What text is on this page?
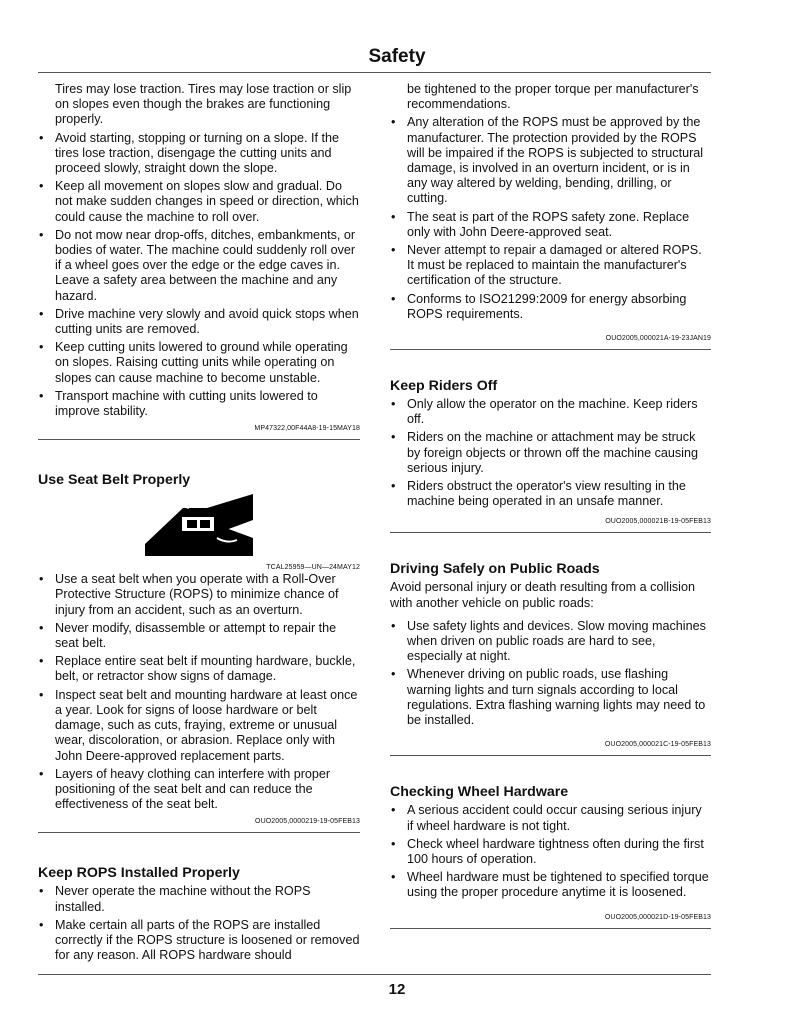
Safety

Tires may lose traction. Tires may lose traction or slip on slopes even though the brakes are functioning properly.

• Avoid starting, stopping or turning on a slope. If the tires lose traction, disengage the cutting units and proceed slowly, straight down the slope.
• Keep all movement on slopes slow and gradual. Do not make sudden changes in speed or direction, which could cause the machine to roll over.
• Do not mow near drop-offs, ditches, embankments, or bodies of water. The machine could suddenly roll over if a wheel goes over the edge or the edge caves in. Leave a safety area between the machine and any hazard.
• Drive machine very slowly and avoid quick stops when cutting units are removed.
• Keep cutting units lowered to ground while operating on slopes. Raising cutting units while operating on slopes can cause machine to become unstable.
• Transport machine with cutting units lowered to improve stability.
MP47322,00F44A8-19-15MAY18
Use Seat Belt Properly
TCAL25959—UN—24MAY12
• Use a seat belt when you operate with a Roll-Over Protective Structure (ROPS) to minimize chance of injury from an accident, such as an overturn.
• Never modify, disassemble or attempt to repair the seat belt.
• Replace entire seat belt if mounting hardware, buckle, belt, or retractor show signs of damage.
• Inspect seat belt and mounting hardware at least once a year. Look for signs of loose hardware or belt damage, such as cuts, fraying, extreme or unusual wear, discoloration, or abrasion. Replace only with John Deere-approved replacement parts.
• Layers of heavy clothing can interfere with proper positioning of the seat belt and can reduce the effectiveness of the seat belt.
OUO2005,0000219-19-05FEB13
Keep ROPS Installed Properly
• Never operate the machine without the ROPS installed.
• Make certain all parts of the ROPS are installed correctly if the ROPS structure is loosened or removed for any reason. All ROPS hardware should

be tightened to the proper torque per manufacturer's recommendations.

• Any alteration of the ROPS must be approved by the manufacturer. The protection provided by the ROPS will be impaired if the ROPS is subjected to structural damage, is involved in an overturn incident, or is in any way altered by welding, bending, drilling, or cutting.
• The seat is part of the ROPS safety zone. Replace only with John Deere-approved seat.
• Never attempt to repair a damaged or altered ROPS. It must be replaced to maintain the manufacturer's certification of the structure.
• Conforms to ISO21299:2009 for energy absorbing ROPS requirements.
OUO2005,000021A-19-23JAN19
Keep Riders Off
• Only allow the operator on the machine. Keep riders off.
• Riders on the machine or attachment may be struck by foreign objects or thrown off the machine causing serious injury.
• Riders obstruct the operator's view resulting in the machine being operated in an unsafe manner.
OUO2005,000021B-19-05FEB13
Driving Safely on Public Roads

Avoid personal injury or death resulting from a collision with another vehicle on public roads:

• Use safety lights and devices. Slow moving machines when driven on public roads are hard to see, especially at night.
• Whenever driving on public roads, use flashing warning lights and turn signals according to local regulations. Extra flashing warning lights may need to be installed.
OUO2005,000021C-19-05FEB13
Checking Wheel Hardware
• A serious accident could occur causing serious injury if wheel hardware is not tight.
• Check wheel hardware tightness often during the first 100 hours of operation.
• Wheel hardware must be tightened to specified torque using the proper procedure anytime it is loosened.
OUO2005,000021D-19-05FEB13
12
